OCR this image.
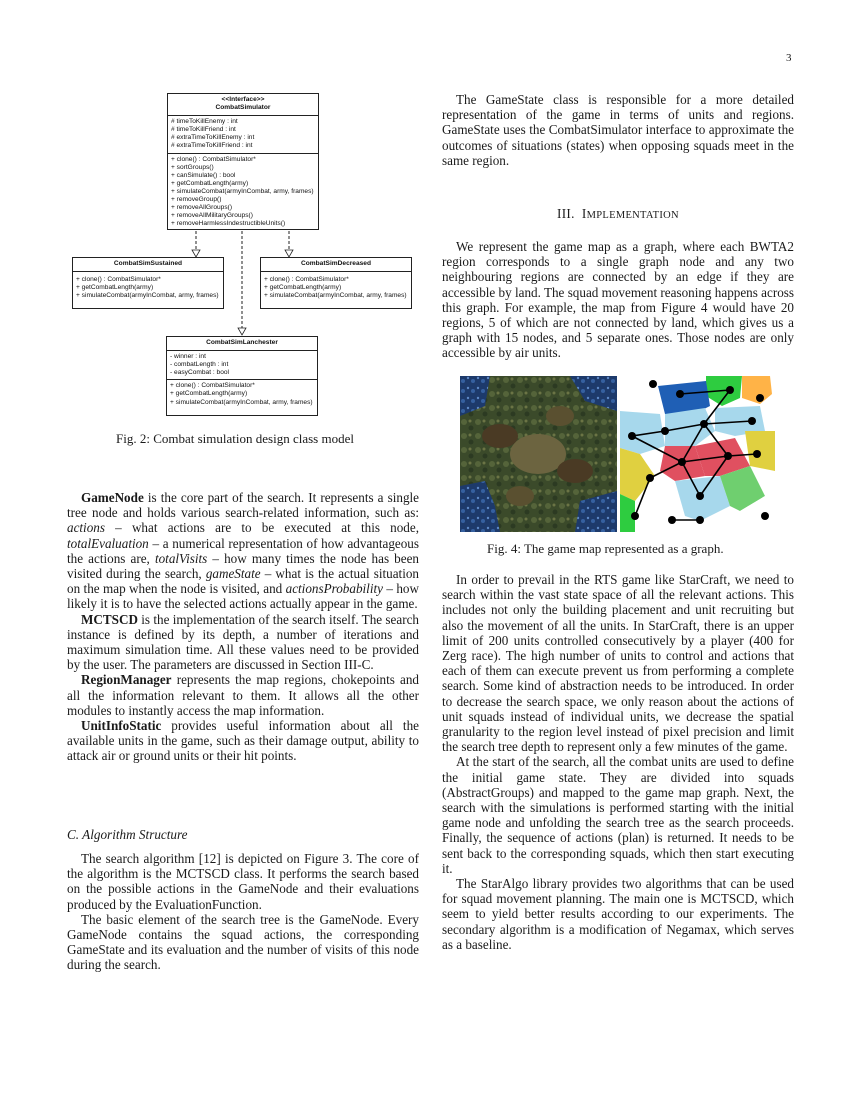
3
<<Interface>>
CombatSimulator
# timeToKillEnemy : int
# timeToKillFriend : int
# extraTimeToKillEnemy : int
# extraTimeToKillFriend : int
+ clone() : CombatSimulator*
+ sortGroups()
+ canSimulate() : bool
+ getCombatLength(army)
+ simulateCombat(armyInCombat, army, frames)
+ removeGroup()
+ removeAllGroups()
+ removeAllMilitaryGroups()
+ removeHarmlessIndestructibleUnits()
CombatSimSustained
+ clone() : CombatSimulator*
+ getCombatLength(army)
+ simulateCombat(armyInCombat, army, frames)
CombatSimDecreased
+ clone() : CombatSimulator*
+ getCombatLength(army)
+ simulateCombat(armyInCombat, army, frames)
CombatSimLanchester
- winner : int
- combatLength : int
- easyCombat : bool
+ clone() : CombatSimulator*
+ getCombatLength(army)
+ simulateCombat(armyInCombat, army, frames)
Fig. 2: Combat simulation design class model

GameNode is the core part of the search. It represents a single tree node and holds various search-related information, such as: actions – what actions are to be executed at this node, totalEvaluation – a numerical representation of how advantageous the actions are, totalVisits – how many times the node has been visited during the search, gameState – what is the actual situation on the map when the node is visited, and actionsProbability – how likely it is to have the selected actions actually appear in the game.

MCTSCD is the implementation of the search itself. The search instance is defined by its depth, a number of iterations and maximum simulation time. All these values need to be provided by the user. The parameters are discussed in Section III-C.

RegionManager represents the map regions, chokepoints and all the information relevant to them. It allows all the other modules to instantly access the map information.

UnitInfoStatic provides useful information about all the available units in the game, such as their damage output, ability to attack air or ground units or their hit points.

C. Algorithm Structure

The search algorithm [12] is depicted on Figure 3. The core of the algorithm is the MCTSCD class. It performs the search based on the possible actions in the GameNode and their evaluations produced by the EvaluationFunction.

The basic element of the search tree is the GameNode. Every GameNode contains the squad actions, the corresponding GameState and its evaluation and the number of visits of this node during the search.

The GameState class is responsible for a more detailed representation of the game in terms of units and regions. GameState uses the CombatSimulator interface to approximate the outcomes of situations (states) when opposing squads meet in the same region.

III. IMPLEMENTATION

We represent the game map as a graph, where each BWTA2 region corresponds to a single graph node and any two neighbouring regions are connected by an edge if they are accessible by land. The squad movement reasoning happens across this graph. For example, the map from Figure 4 would have 20 regions, 5 of which are not connected by land, which gives us a graph with 15 nodes, and 5 separate ones. Those nodes are only accessible by air units.

Fig. 4: The game map represented as a graph.

In order to prevail in the RTS game like StarCraft, we need to search within the vast state space of all the relevant actions. This includes not only the building placement and unit recruiting but also the movement of all the units. In StarCraft, there is an upper limit of 200 units controlled consecutively by a player (400 for Zerg race). The high number of units to control and actions that each of them can execute prevent us from performing a complete search. Some kind of abstraction needs to be introduced. In order to decrease the search space, we only reason about the actions of unit squads instead of individual units, we decrease the spatial granularity to the region level instead of pixel precision and limit the search tree depth to represent only a few minutes of the game.

At the start of the search, all the combat units are used to define the initial game state. They are divided into squads (AbstractGroups) and mapped to the game map graph. Next, the search with the simulations is performed starting with the initial game node and unfolding the search tree as the search proceeds. Finally, the sequence of actions (plan) is returned. It needs to be sent back to the corresponding squads, which then start executing it.

The StarAlgo library provides two algorithms that can be used for squad movement planning. The main one is MCTSCD, which seem to yield better results according to our experiments. The secondary algorithm is a modification of Negamax, which serves as a baseline.
